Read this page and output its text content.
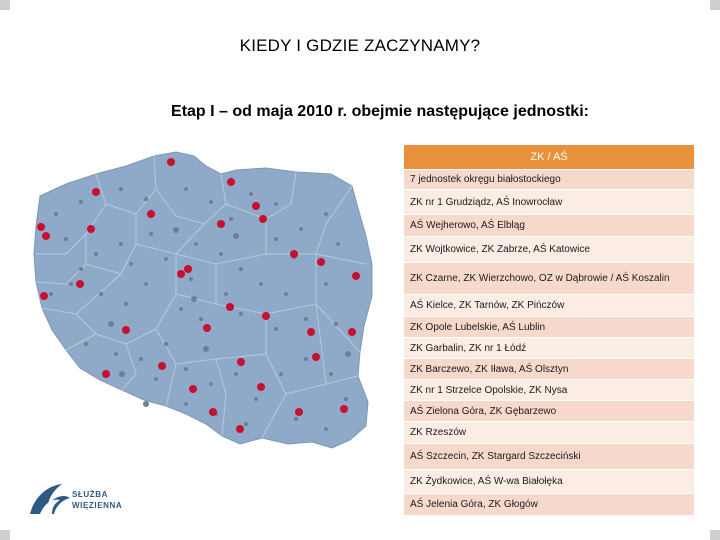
KIEDY I GDZIE ZACZYNAMY?
Etap I – od maja 2010 r. obejmie następujące jednostki:
SŁUŻBA
WIĘZIENNA
ZK / AŚ
7 jednostek okręgu białostockiego
ZK nr 1 Grudziądz, AŚ Inowrocław
AŚ Wejherowo, AŚ Elbląg
ZK Wojtkowice, ZK Zabrze, AŚ Katowice
ZK Czarne, ZK Wierzchowo, OZ w Dąbrowie / AŚ Koszalin
AŚ Kielce, ZK Tarnów, ZK Pińczów
ZK Opole Lubelskie, AŚ Lublin
ZK Garbalin, ZK nr 1 Łódź
ZK Barczewo, ZK Iława, AŚ Olsztyn
ZK nr 1 Strzelce Opolskie, ZK Nysa
AŚ Zielona Góra, ZK Gębarzewo
ZK Rzeszów
AŚ Szczecin, ZK Stargard Szczeciński
ZK Żydkowice, AŚ W-wa Białołęka
AŚ Jelenia Góra, ZK Głogów
